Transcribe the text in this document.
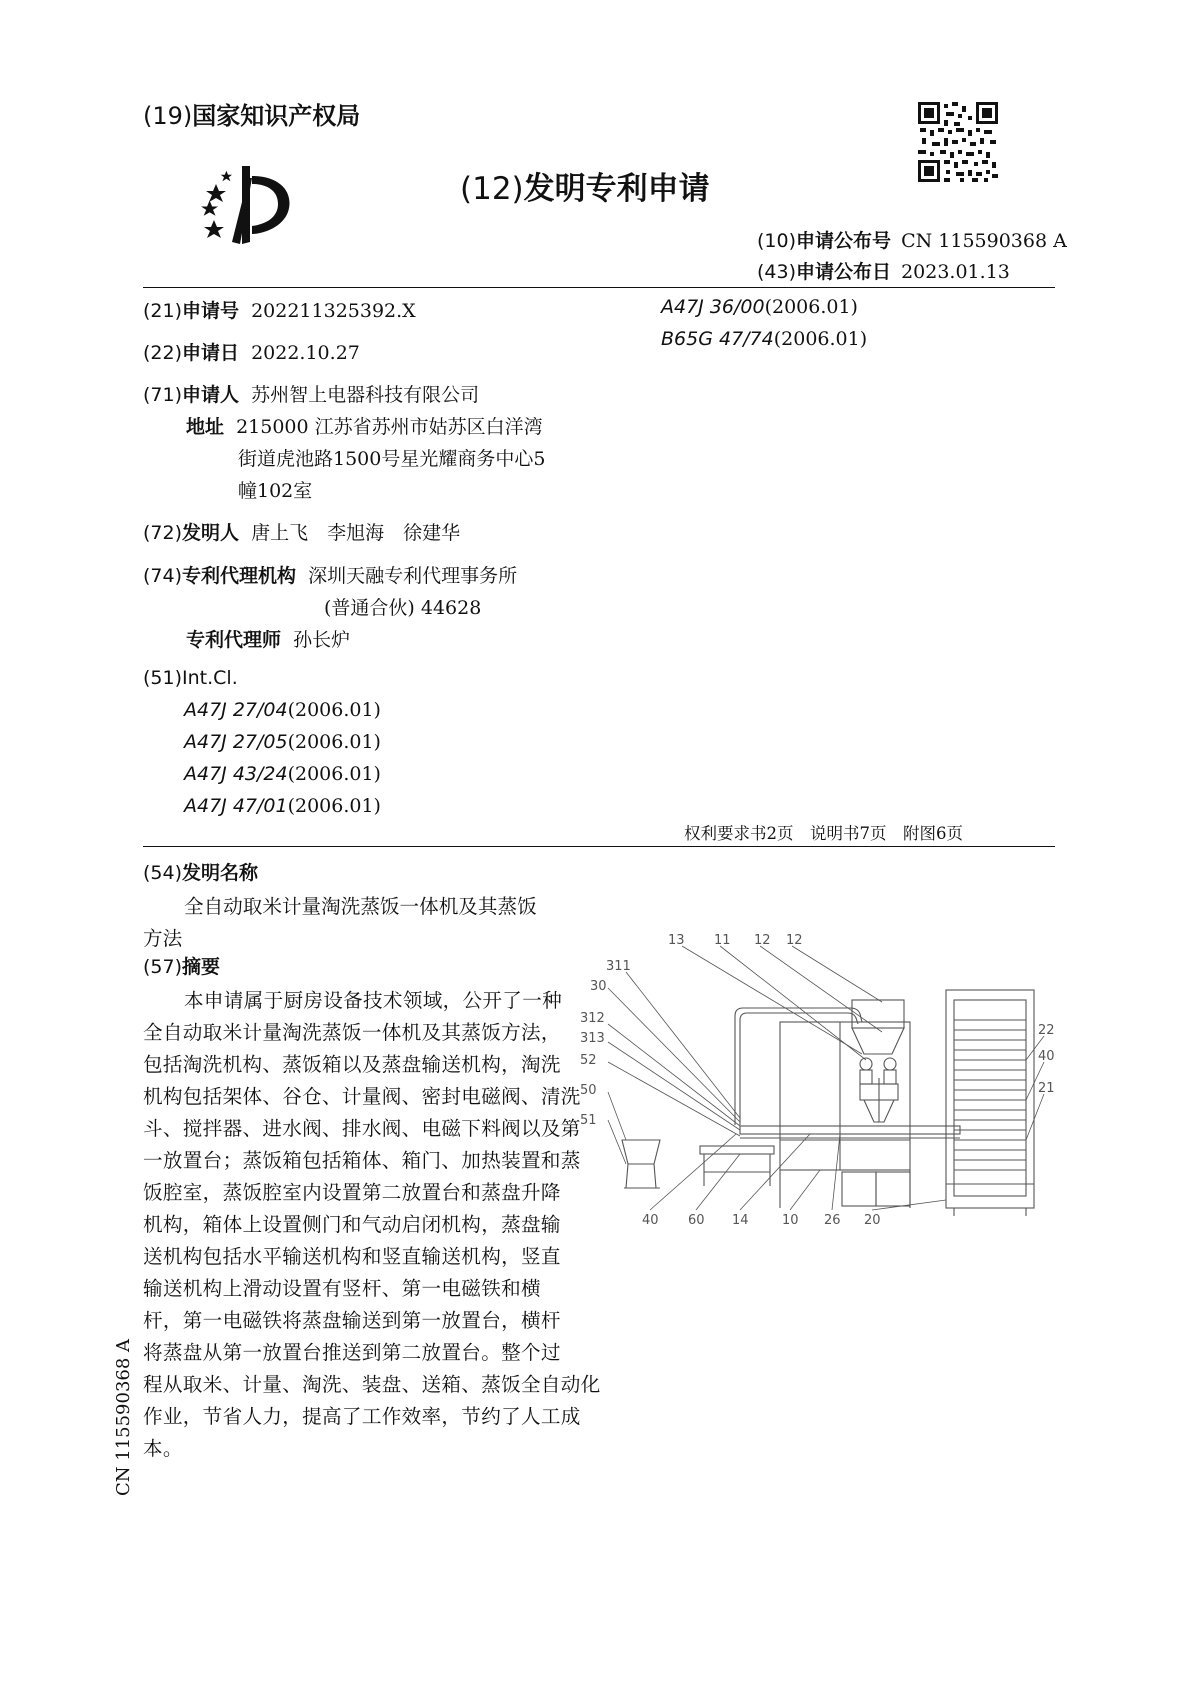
(19)国家知识产权局
(12)发明专利申请
(10)申请公布号 CN 115590368 A
(43)申请公布日 2023.01.13
(21)申请号 202211325392.X
(22)申请日 2022.10.27
(71)申请人 苏州智上电器科技有限公司
地址 215000 江苏省苏州市姑苏区白洋湾
街道虎池路1500号星光耀商务中心5
幢102室
(72)发明人 唐上飞　李旭海　徐建华
(74)专利代理机构 深圳天融专利代理事务所
(普通合伙) 44628
专利代理师 孙长炉
(51)Int.Cl.
A47J 27/04(2006.01)
A47J 27/05(2006.01)
A47J 43/24(2006.01)
A47J 47/01(2006.01)
A47J 36/00(2006.01)
B65G 47/74(2006.01)
权利要求书2页　说明书7页　附图6页
(54)发明名称
全自动取米计量淘洗蒸饭一体机及其蒸饭
方法
(57)摘要
本申请属于厨房设备技术领域，公开了一种
全自动取米计量淘洗蒸饭一体机及其蒸饭方法，
包括淘洗机构、蒸饭箱以及蒸盘输送机构，淘洗
机构包括架体、谷仓、计量阀、密封电磁阀、清洗
斗、搅拌器、进水阀、排水阀、电磁下料阀以及第
一放置台；蒸饭箱包括箱体、箱门、加热装置和蒸
饭腔室，蒸饭腔室内设置第二放置台和蒸盘升降
机构，箱体上设置侧门和气动启闭机构，蒸盘输
送机构包括水平输送机构和竖直输送机构，竖直
输送机构上滑动设置有竖杆、第一电磁铁和横
杆，第一电磁铁将蒸盘输送到第一放置台，横杆
将蒸盘从第一放置台推送到第二放置台。整个过
程从取米、计量、淘洗、装盘、送箱、蒸饭全自动化
作业，节省人力，提高了工作效率，节约了人工成
本。
CN 115590368 A
13 11 12 12
311
30
312
313
52
50
51
22
40
21
40 60 14	10 26 20
